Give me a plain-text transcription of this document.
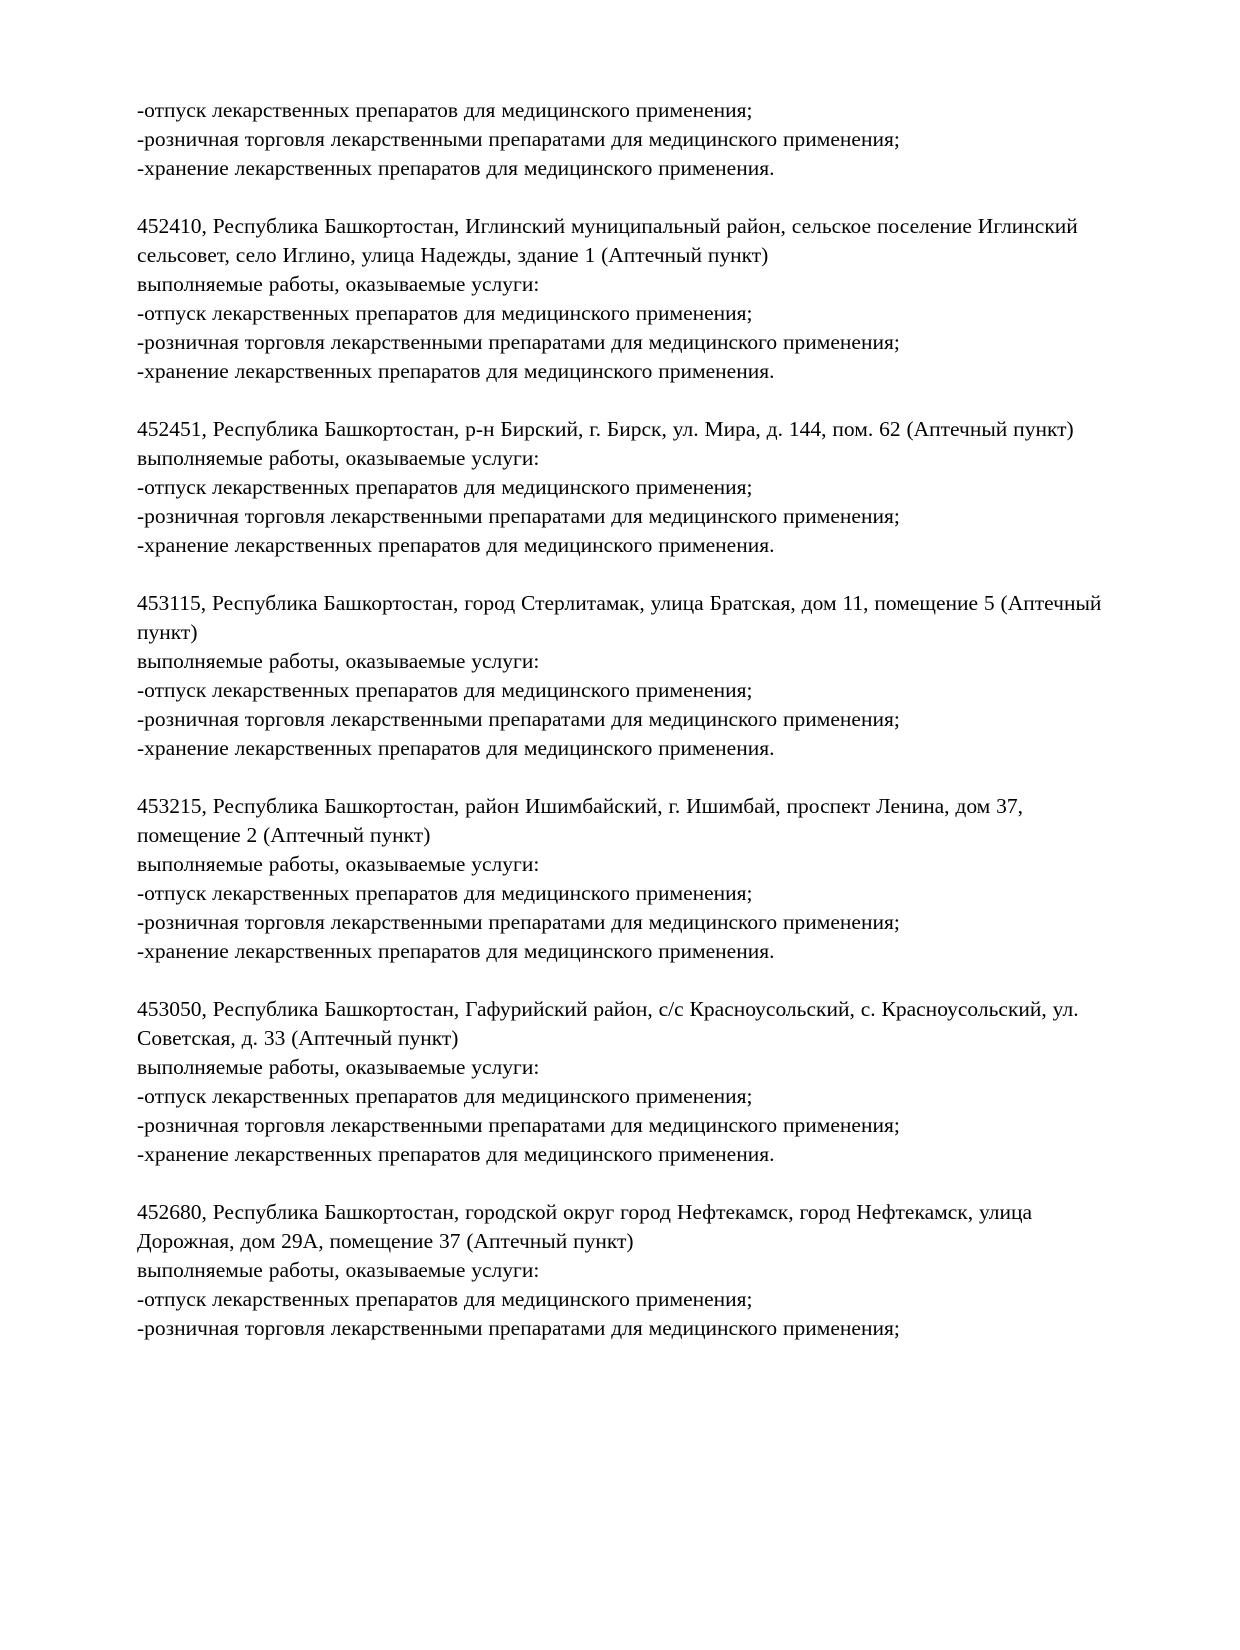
-отпуск лекарственных препаратов для медицинского применения;
-розничная торговля лекарственными препаратами для медицинского применения;
-хранение лекарственных препаратов для медицинского применения.
452410, Республика Башкортостан, Иглинский муниципальный район, сельское поселение Иглинский сельсовет, село Иглино, улица Надежды, здание 1 (Аптечный пункт)
выполняемые работы, оказываемые услуги:
-отпуск лекарственных препаратов для медицинского применения;
-розничная торговля лекарственными препаратами для медицинского применения;
-хранение лекарственных препаратов для медицинского применения.
452451, Республика Башкортостан, р-н Бирский, г. Бирск, ул. Мира, д. 144, пом. 62 (Аптечный пункт)
выполняемые работы, оказываемые услуги:
-отпуск лекарственных препаратов для медицинского применения;
-розничная торговля лекарственными препаратами для медицинского применения;
-хранение лекарственных препаратов для медицинского применения.
453115, Республика Башкортостан, город Стерлитамак, улица Братская, дом 11, помещение 5 (Аптечный пункт)
выполняемые работы, оказываемые услуги:
-отпуск лекарственных препаратов для медицинского применения;
-розничная торговля лекарственными препаратами для медицинского применения;
-хранение лекарственных препаратов для медицинского применения.
453215, Республика Башкортостан, район Ишимбайский, г. Ишимбай, проспект Ленина, дом 37, помещение 2 (Аптечный пункт)
выполняемые работы, оказываемые услуги:
-отпуск лекарственных препаратов для медицинского применения;
-розничная торговля лекарственными препаратами для медицинского применения;
-хранение лекарственных препаратов для медицинского применения.
453050, Республика Башкортостан, Гафурийский район, с/с Красноусольский, с. Красноусольский, ул. Советская, д. 33 (Аптечный пункт)
выполняемые работы, оказываемые услуги:
-отпуск лекарственных препаратов для медицинского применения;
-розничная торговля лекарственными препаратами для медицинского применения;
-хранение лекарственных препаратов для медицинского применения.
452680, Республика Башкортостан, городской округ город Нефтекамск, город Нефтекамск, улица Дорожная, дом 29А, помещение 37 (Аптечный пункт)
выполняемые работы, оказываемые услуги:
-отпуск лекарственных препаратов для медицинского применения;
-розничная торговля лекарственными препаратами для медицинского применения;
